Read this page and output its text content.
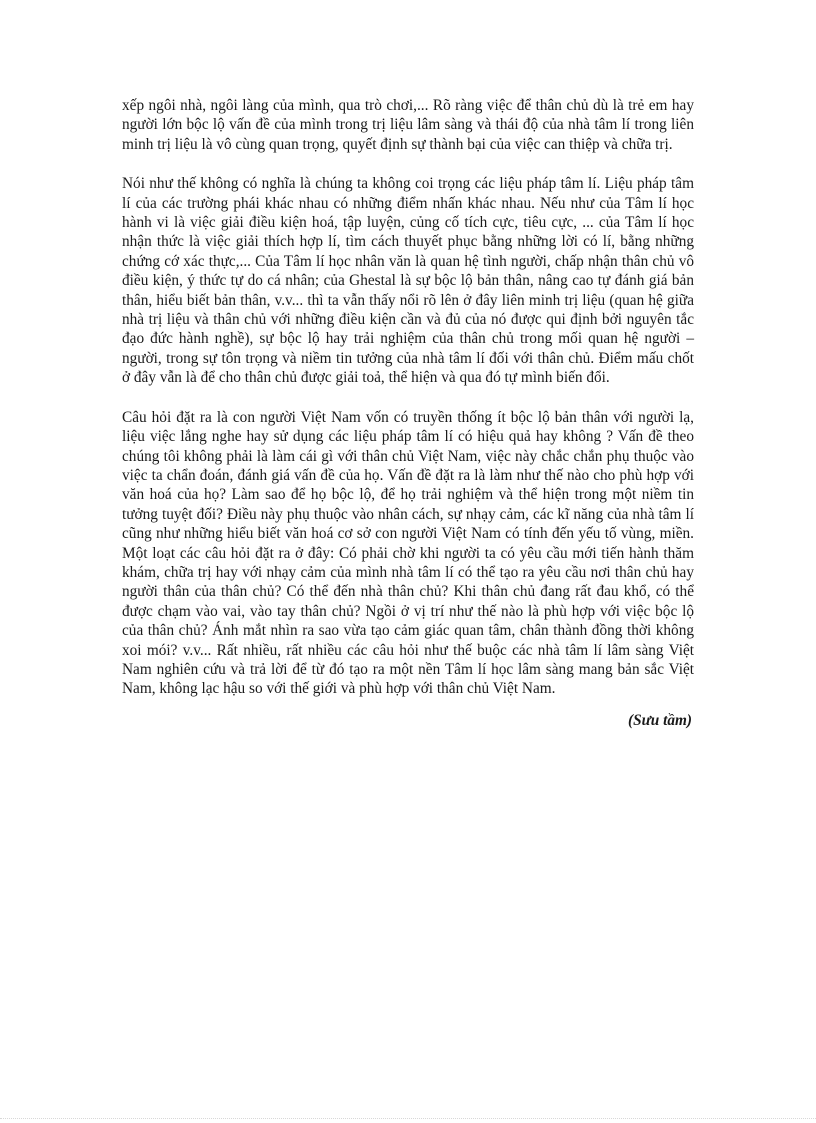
xếp ngôi nhà, ngôi làng của mình, qua trò chơi,... Rõ ràng việc để thân chủ dù là trẻ em hay người lớn bộc lộ vấn đề của mình trong trị liệu lâm sàng và thái độ của nhà tâm lí trong liên minh trị liệu là vô cùng quan trọng, quyết định sự thành bại của việc can thiệp và chữa trị.

Nói như thế không có nghĩa là chúng ta không coi trọng các liệu pháp tâm lí. Liệu pháp tâm lí của các trường phái khác nhau có những điểm nhấn khác nhau. Nếu như của Tâm lí học hành vi là việc giải điều kiện hoá, tập luyện, củng cố tích cực, tiêu cực, ... của Tâm lí học nhận thức là việc giải thích hợp lí, tìm cách thuyết phục bằng những lời có lí, bằng những chứng cớ xác thực,... Của Tâm lí học nhân văn là quan hệ tình người, chấp nhận thân chủ vô điều kiện, ý thức tự do cá nhân; của Ghestal là sự bộc lộ bản thân, nâng cao tự đánh giá bản thân, hiểu biết bản thân, v.v... thì ta vẫn thấy nổi rõ lên ở đây liên minh trị liệu (quan hệ giữa nhà trị liệu và thân chủ với những điều kiện cần và đủ của nó được qui định bởi nguyên tắc đạo đức hành nghề), sự bộc lộ hay trải nghiệm của thân chủ trong mối quan hệ người – người, trong sự tôn trọng và niềm tin tưởng của nhà tâm lí đối với thân chủ. Điểm mấu chốt ở đây vẫn là để cho thân chủ được giải toả, thể hiện và qua đó tự mình biến đổi.

Câu hỏi đặt ra là con người Việt Nam vốn có truyền thống ít bộc lộ bản thân với người lạ, liệu việc lắng nghe hay sử dụng các liệu pháp tâm lí có hiệu quả hay không ? Vấn đề theo chúng tôi không phải là làm cái gì với thân chủ Việt Nam, việc này chắc chắn phụ thuộc vào việc ta chẩn đoán, đánh giá vấn đề của họ. Vấn đề đặt ra là làm như thế nào cho phù hợp với văn hoá của họ? Làm sao để họ bộc lộ, để họ trải nghiệm và thể hiện trong một niềm tin tưởng tuyệt đối? Điều này phụ thuộc vào nhân cách, sự nhạy cảm, các kĩ năng của nhà tâm lí cũng như những hiểu biết văn hoá cơ sở con người Việt Nam có tính đến yếu tố vùng, miền. Một loạt các câu hỏi đặt ra ở đây: Có phải chờ khi người ta có yêu cầu mới tiến hành thăm khám, chữa trị hay với nhạy cảm của mình nhà tâm lí có thể tạo ra yêu cầu nơi thân chủ hay người thân của thân chủ? Có thể đến nhà thân chủ? Khi thân chủ đang rất đau khổ, có thể được chạm vào vai, vào tay thân chủ? Ngồi ở vị trí như thế nào là phù hợp với việc bộc lộ của thân chủ? Ánh mắt nhìn ra sao vừa tạo cảm giác quan tâm, chân thành đồng thời không xoi mói? v.v... Rất nhiều, rất nhiều các câu hỏi như thế buộc các nhà tâm lí lâm sàng Việt Nam nghiên cứu và trả lời để từ đó tạo ra một nền Tâm lí học lâm sàng mang bản sắc Việt Nam, không lạc hậu so với thế giới và phù hợp với thân chủ Việt Nam.

(Sưu tầm)
